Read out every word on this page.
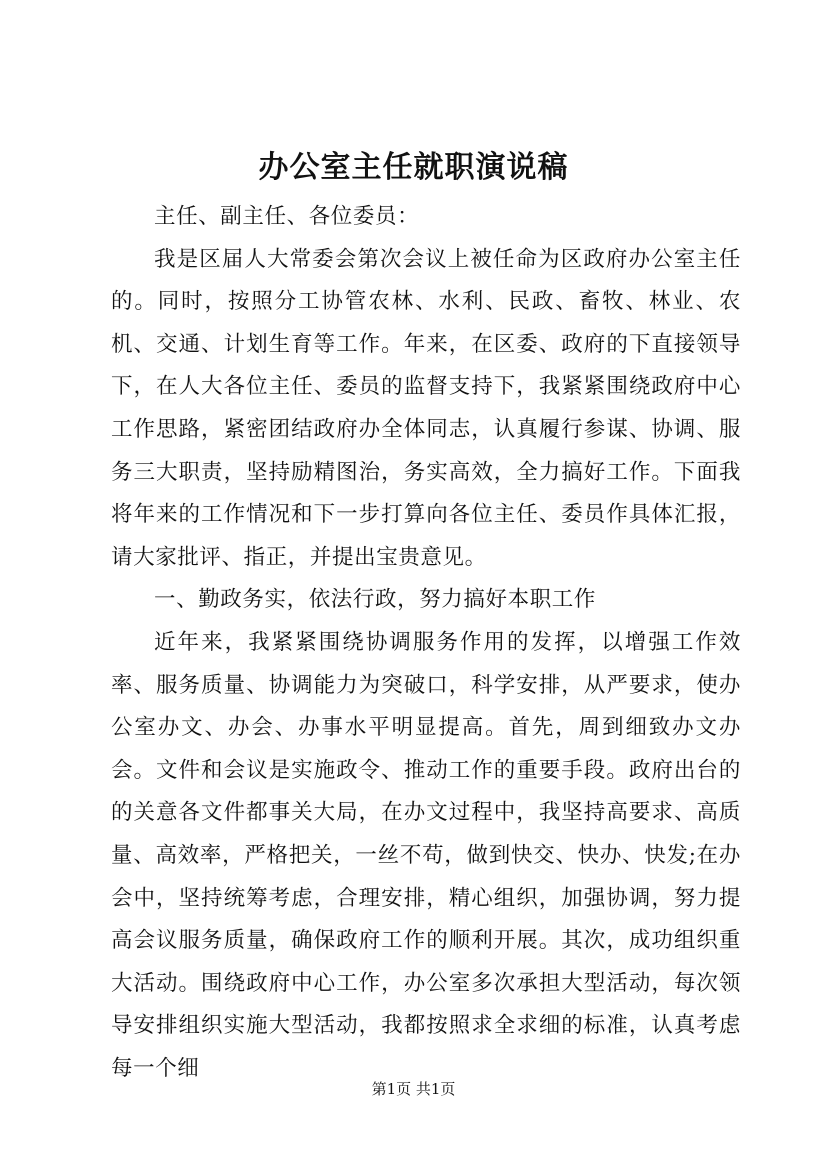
办公室主任就职演说稿

主任、副主任、各位委员：

我是区届人大常委会第次会议上被任命为区政府办公室主任的。同时，按照分工协管农林、水利、民政、畜牧、林业、农机、交通、计划生育等工作。年来，在区委、政府的下直接领导下，在人大各位主任、委员的监督支持下，我紧紧围绕政府中心工作思路，紧密团结政府办全体同志，认真履行参谋、协调、服务三大职责，坚持励精图治，务实高效，全力搞好工作。下面我将年来的工作情况和下一步打算向各位主任、委员作具体汇报，请大家批评、指正，并提出宝贵意见。

一、勤政务实，依法行政，努力搞好本职工作

近年来，我紧紧围绕协调服务作用的发挥，以增强工作效率、服务质量、协调能力为突破口，科学安排，从严要求，使办公室办文、办会、办事水平明显提高。首先，周到细致办文办会。文件和会议是实施政令、推动工作的重要手段。政府出台的的关意各文件都事关大局，在办文过程中，我坚持高要求、高质量、高效率，严格把关，一丝不苟，做到快交、快办、快发;在办会中，坚持统筹考虑，合理安排，精心组织，加强协调，努力提高会议服务质量，确保政府工作的顺利开展。其次，成功组织重大活动。围绕政府中心工作，办公室多次承担大型活动，每次领导安排组织实施大型活动，我都按照求全求细的标准，认真考虑每一个细

第1页 共1页
